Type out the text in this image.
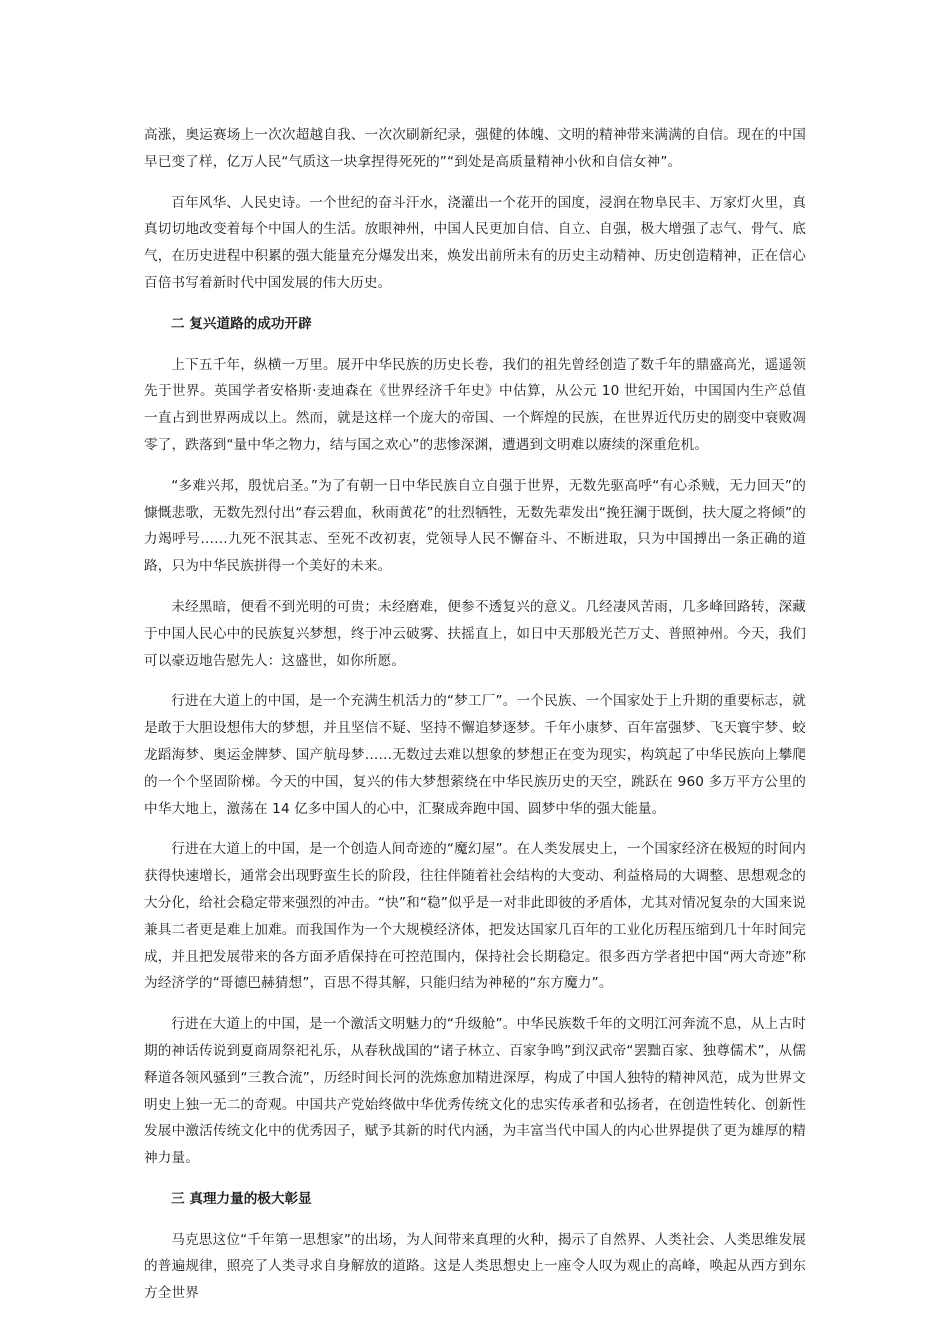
高涨，奥运赛场上一次次超越自我、一次次刷新纪录，强健的体魄、文明的精神带来满满的自信。现在的中国早已变了样，亿万人民“气质这一块拿捏得死死的”“到处是高质量精神小伙和自信女神”。

百年风华、人民史诗。一个世纪的奋斗汗水，浇灌出一个花开的国度，浸润在物阜民丰、万家灯火里，真真切切地改变着每个中国人的生活。放眼神州，中国人民更加自信、自立、自强，极大增强了志气、骨气、底气，在历史进程中积累的强大能量充分爆发出来，焕发出前所未有的历史主动精神、历史创造精神，正在信心百倍书写着新时代中国发展的伟大历史。

二 复兴道路的成功开辟

上下五千年，纵横一万里。展开中华民族的历史长卷，我们的祖先曾经创造了数千年的鼎盛高光，遥遥领先于世界。英国学者安格斯·麦迪森在《世界经济千年史》中估算，从公元 10 世纪开始，中国国内生产总值一直占到世界两成以上。然而，就是这样一个庞大的帝国、一个辉煌的民族，在世界近代历史的剧变中衰败凋零了，跌落到“量中华之物力，结与国之欢心”的悲惨深渊，遭遇到文明难以赓续的深重危机。

“多难兴邦，殷忧启圣。”为了有朝一日中华民族自立自强于世界，无数先驱高呼“有心杀贼，无力回天”的慷慨悲歌，无数先烈付出“春云碧血，秋雨黄花”的壮烈牺牲，无数先辈发出“挽狂澜于既倒，扶大厦之将倾”的力竭呼号……九死不泯其志、至死不改初衷，党领导人民不懈奋斗、不断进取，只为中国搏出一条正确的道路，只为中华民族拼得一个美好的未来。

未经黑暗，便看不到光明的可贵；未经磨难，便参不透复兴的意义。几经凄风苦雨，几多峰回路转，深藏于中国人民心中的民族复兴梦想，终于冲云破雾、扶摇直上，如日中天那般光芒万丈、普照神州。今天，我们可以豪迈地告慰先人：这盛世，如你所愿。

行进在大道上的中国，是一个充满生机活力的“梦工厂”。一个民族、一个国家处于上升期的重要标志，就是敢于大胆设想伟大的梦想，并且坚信不疑、坚持不懈追梦逐梦。千年小康梦、百年富强梦、飞天寰宇梦、蛟龙蹈海梦、奥运金牌梦、国产航母梦……无数过去难以想象的梦想正在变为现实，构筑起了中华民族向上攀爬的一个个坚固阶梯。今天的中国，复兴的伟大梦想萦绕在中华民族历史的天空，跳跃在 960 多万平方公里的中华大地上，激荡在 14 亿多中国人的心中，汇聚成奔跑中国、圆梦中华的强大能量。

行进在大道上的中国，是一个创造人间奇迹的“魔幻屋”。在人类发展史上，一个国家经济在极短的时间内获得快速增长，通常会出现野蛮生长的阶段，往往伴随着社会结构的大变动、利益格局的大调整、思想观念的大分化，给社会稳定带来强烈的冲击。“快”和“稳”似乎是一对非此即彼的矛盾体，尤其对情况复杂的大国来说兼具二者更是难上加难。而我国作为一个大规模经济体，把发达国家几百年的工业化历程压缩到几十年时间完成，并且把发展带来的各方面矛盾保持在可控范围内，保持社会长期稳定。很多西方学者把中国“两大奇迹”称为经济学的“哥德巴赫猜想”，百思不得其解，只能归结为神秘的“东方魔力”。

行进在大道上的中国，是一个激活文明魅力的“升级舱”。中华民族数千年的文明江河奔流不息，从上古时期的神话传说到夏商周祭祀礼乐，从春秋战国的“诸子林立、百家争鸣”到汉武帝“罢黜百家、独尊儒术”，从儒释道各领风骚到“三教合流”，历经时间长河的洗炼愈加精进深厚，构成了中国人独特的精神风范，成为世界文明史上独一无二的奇观。中国共产党始终做中华优秀传统文化的忠实传承者和弘扬者，在创造性转化、创新性发展中激活传统文化中的优秀因子，赋予其新的时代内涵，为丰富当代中国人的内心世界提供了更为雄厚的精神力量。

三 真理力量的极大彰显

马克思这位“千年第一思想家”的出场，为人间带来真理的火种，揭示了自然界、人类社会、人类思维发展的普遍规律，照亮了人类寻求自身解放的道路。这是人类思想史上一座令人叹为观止的高峰，唤起从西方到东方全世界
